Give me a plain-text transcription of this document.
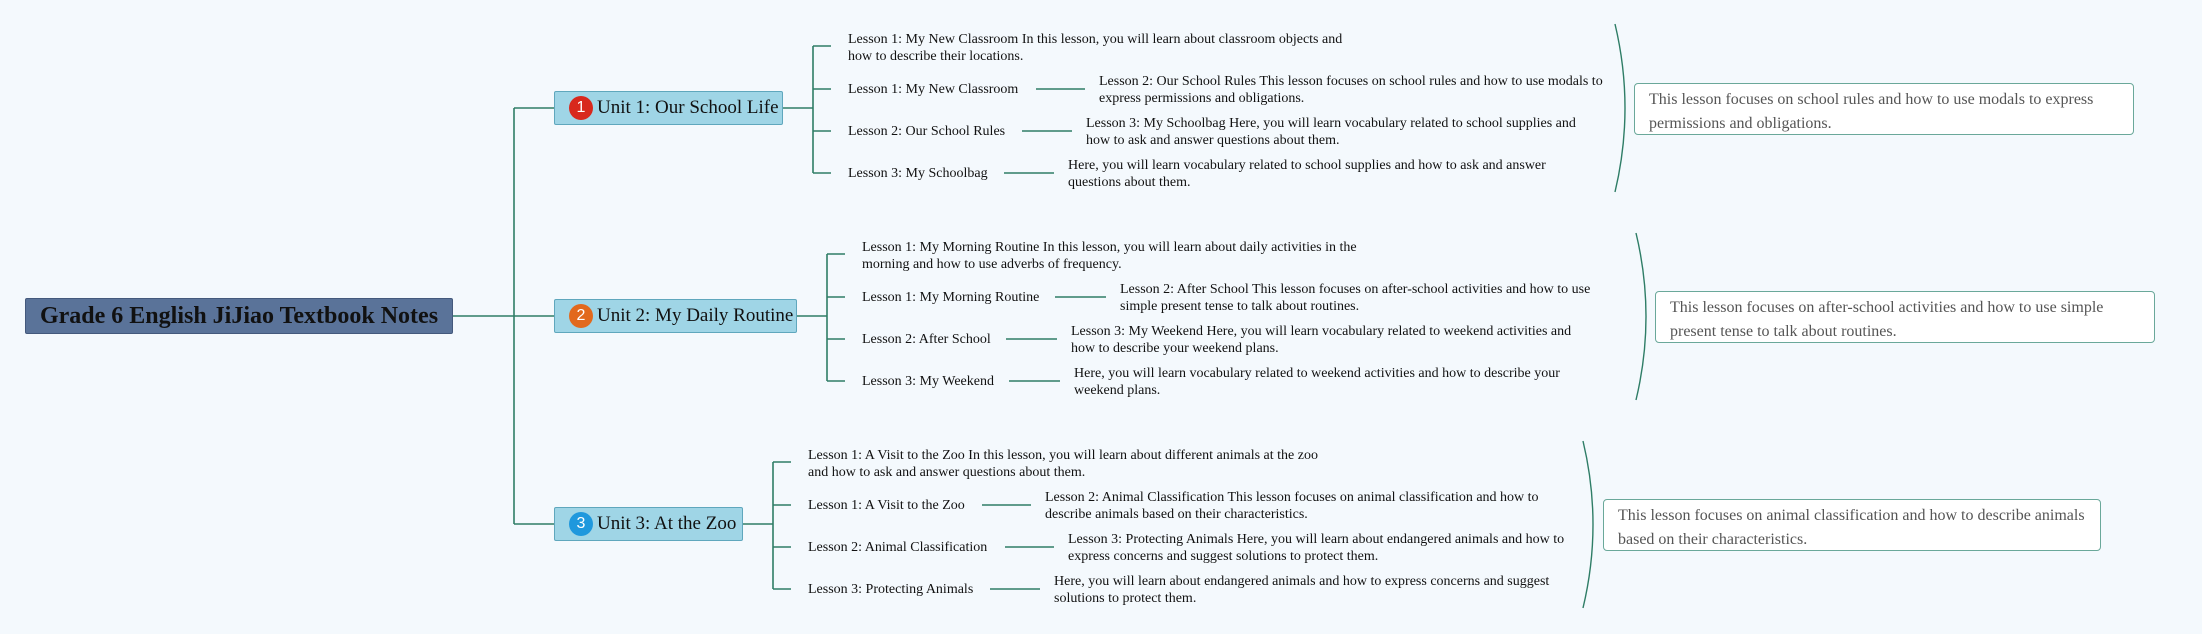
Grade 6 English JiJiao Textbook Notes
1 Unit 1: Our School Life
Lesson 1: My New Classroom In this lesson, you will learn about classroom objects and how to describe their locations.
Lesson 1: My New Classroom
Lesson 2: Our School Rules This lesson focuses on school rules and how to use modals to express permissions and obligations.
Lesson 2: Our School Rules
Lesson 3: My Schoolbag Here, you will learn vocabulary related to school supplies and how to ask and answer questions about them.
Lesson 3: My Schoolbag
Here, you will learn vocabulary related to school supplies and how to ask and answer questions about them.
This lesson focuses on school rules and how to use modals to express permissions and obligations.
2 Unit 2: My Daily Routine
Lesson 1: My Morning Routine In this lesson, you will learn about daily activities in the morning and how to use adverbs of frequency.
Lesson 1: My Morning Routine
Lesson 2: After School This lesson focuses on after-school activities and how to use simple present tense to talk about routines.
Lesson 2: After School
Lesson 3: My Weekend Here, you will learn vocabulary related to weekend activities and how to describe your weekend plans.
Lesson 3: My Weekend
Here, you will learn vocabulary related to weekend activities and how to describe your weekend plans.
This lesson focuses on after-school activities and how to use simple present tense to talk about routines.
3 Unit 3: At the Zoo
Lesson 1: A Visit to the Zoo In this lesson, you will learn about different animals at the zoo and how to ask and answer questions about them.
Lesson 1: A Visit to the Zoo
Lesson 2: Animal Classification This lesson focuses on animal classification and how to describe animals based on their characteristics.
Lesson 2: Animal Classification
Lesson 3: Protecting Animals Here, you will learn about endangered animals and how to express concerns and suggest solutions to protect them.
Lesson 3: Protecting Animals
Here, you will learn about endangered animals and how to express concerns and suggest solutions to protect them.
This lesson focuses on animal classification and how to describe animals based on their characteristics.
